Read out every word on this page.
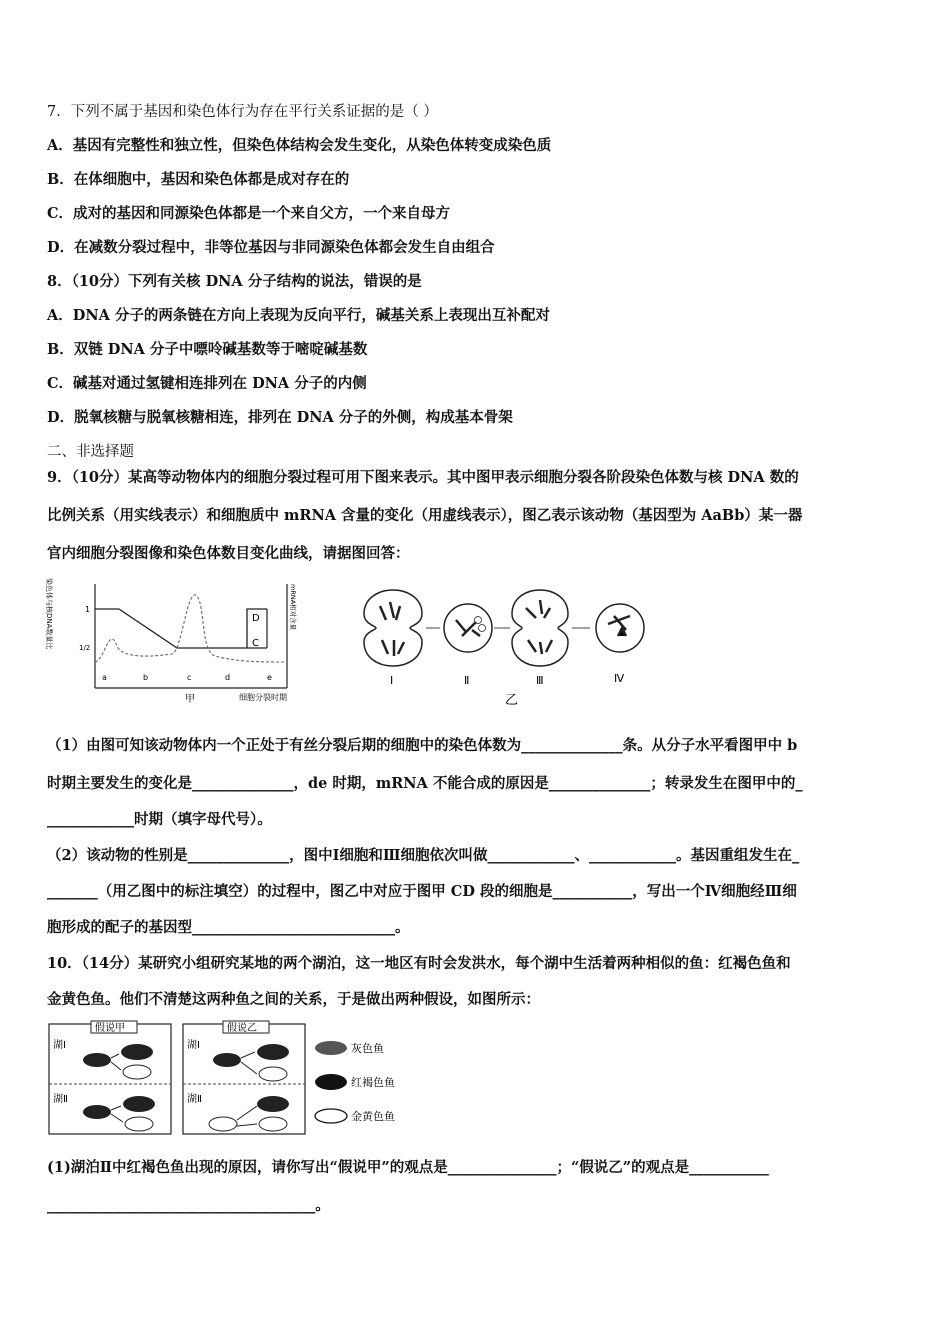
7．下列不属于基因和染色体行为存在平行关系证据的是（ ）
A．基因有完整性和独立性，但染色体结构会发生变化，从染色体转变成染色质
B．在体细胞中，基因和染色体都是成对存在的
C．成对的基因和同源染色体都是一个来自父方，一个来自母方
D．在减数分裂过程中，非等位基因与非同源染色体都会发生自由组合
8．（10分）下列有关核 DNA 分子结构的说法，错误的是
A．DNA 分子的两条链在方向上表现为反向平行，碱基关系上表现出互补配对
B．双链 DNA 分子中嘌呤碱基数等于嘧啶碱基数
C．碱基对通过氢键相连排列在 DNA 分子的内侧
D．脱氧核糖与脱氧核糖相连，排列在 DNA 分子的外侧，构成基本骨架
二、非选择题
9．（10分）某高等动物体内的细胞分裂过程可用下图来表示。其中图甲表示细胞分裂各阶段染色体数与核 DNA 数的
比例关系（用实线表示）和细胞质中 mRNA 含量的变化（用虚线表示），图乙表示该动物（基因型为 AaBb）某一器
官内细胞分裂图像和染色体数目变化曲线，请据图回答：
染色体与核DNA数量比	1
1/2
D
C
mRNA相对含量
a	b	c	d	e
甲	细胞分裂时期
Ⅰ	Ⅱ	Ⅲ	Ⅳ
乙
（1）由图可知该动物体内一个正处于有丝分裂后期的细胞中的染色体数为______________条。从分子水平看图甲中 b
时期主要发生的变化是______________，de 时期，mRNA 不能合成的原因是______________；转录发生在图甲中的_
____________时期（填字母代号）。
（2）该动物的性别是______________，图中Ⅰ细胞和Ⅲ细胞依次叫做____________、____________。基因重组发生在_
_______（用乙图中的标注填空）的过程中，图乙中对应于图甲 CD 段的细胞是___________，写出一个Ⅳ细胞经Ⅲ细
胞形成的配子的基因型____________________________。
10．（14分）某研究小组研究某地的两个湖泊，这一地区有时会发洪水，每个湖中生活着两种相似的鱼：红褐色鱼和
金黄色鱼。他们不清楚这两种鱼之间的关系，于是做出两种假设，如图所示：
假说甲
湖Ⅰ
湖Ⅱ
假说乙
湖Ⅰ
湖Ⅱ
灰色鱼
红褐色鱼
金黄色鱼
(1)湖泊Ⅱ中红褐色鱼出现的原因，请你写出“假说甲”的观点是_______________；“假说乙”的观点是___________
_____________________________________。
